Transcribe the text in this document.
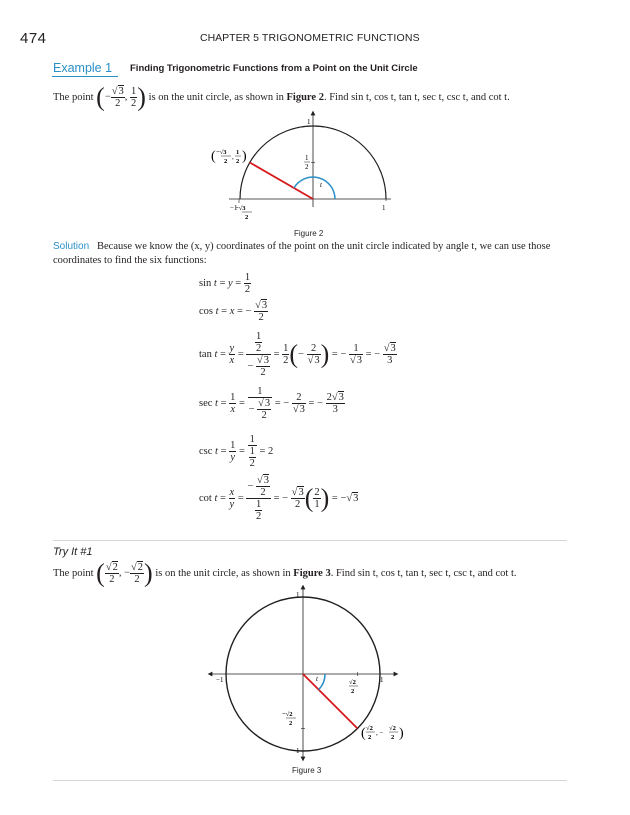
474	CHAPTER 5 TRIGONOMETRIC FUNCTIONS
Example 1 Finding Trigonometric Functions from a Point on the Unit Circle
The point (− $\frac{√3}{2}$ , $\frac{1}{2}$ ) is on the unit circle, as shown in Figure 2. Find sin t, cos t, tan t, sec t, csc t, and cot t.
1
1
2
t
−1	1
−√3
2
( −√3
2
,
1
2 )
Figure 2
Solution Because we know the (x, y) coordinates of the point on the unit circle indicated by angle t, we can use those
coordinates to find the six functions:
$\sin t = y = \frac{1}{2}$
cos t = x = − $\frac{√3}{2}$
$\tan t = \frac{y}{x} = \frac{\frac{1}{2}}{- \frac{√3}{2}} = \frac{1}{2}$ (− $\frac{2}{√3}$ ) = − $\frac{1}{√3}$ = − $\frac{√3}{3}$
$\sec t = \frac{1}{x} = \frac{1}{- \frac{√3}{2}}$ = − $\frac{2}{√3}$ = − $\frac{2√3}{3}$
$\csc t = \frac{1}{y} = \frac{1}{\frac{1}{2}} = 2$
$\cot t = \frac{x}{y} = \frac{- \frac{√3}{2}}{\frac{1}{2}}$ = − $\frac{√3}{2}$ ( $\frac{2}{1}$ ) = −√3
Try It #1
The point ( $\frac{√2}{2}$ , − $\frac{√2}{2}$ ) is on the unit circle, as shown in Figure 3. Find sin t, cos t, tan t, sec t, csc t, and cot t.
1
−1
−1	1
t	√2
2
−√2
2
( √2
2
, −
√2
2 )
Figure 3
